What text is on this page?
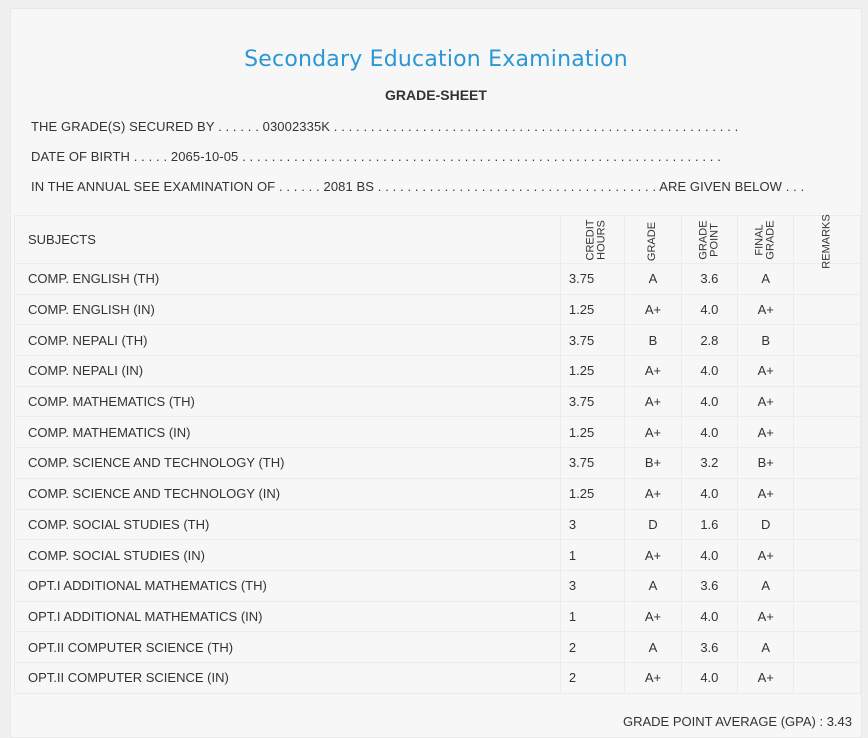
Secondary Education Examination
GRADE-SHEET
THE GRADE(S) SECURED BY . . . . . . 03002335K . . . . . . . . . . . . . . . . . . . . . . . . . . . . . . . . . . . . . . . . . . . . . . . . . . . . . . .
DATE OF BIRTH . . . . . 2065-10-05 . . . . . . . . . . . . . . . . . . . . . . . . . . . . . . . . . . . . . . . . . . . . . . . . . . . . . . . . . . . . . . . . .
IN THE ANNUAL SEE EXAMINATION OF . . . . . . 2081 BS . . . . . . . . . . . . . . . . . . . . . . . . . . . . . . . . . . . . . . ARE GIVEN BELOW . . .
SUBJECTS	CREDIT HOURS	GRADE	GRADE POINT	FINAL GRADE	REMARKS
COMP. ENGLISH (TH)	3.75	A	3.6	A	
COMP. ENGLISH (IN)	1.25	A+	4.0	A+	
COMP. NEPALI (TH)	3.75	B	2.8	B	
COMP. NEPALI (IN)	1.25	A+	4.0	A+	
COMP. MATHEMATICS (TH)	3.75	A+	4.0	A+	
COMP. MATHEMATICS (IN)	1.25	A+	4.0	A+	
COMP. SCIENCE AND TECHNOLOGY (TH)	3.75	B+	3.2	B+	
COMP. SCIENCE AND TECHNOLOGY (IN)	1.25	A+	4.0	A+	
COMP. SOCIAL STUDIES (TH)	3	D	1.6	D	
COMP. SOCIAL STUDIES (IN)	1	A+	4.0	A+	
OPT.I ADDITIONAL MATHEMATICS (TH)	3	A	3.6	A	
OPT.I ADDITIONAL MATHEMATICS (IN)	1	A+	4.0	A+	
OPT.II COMPUTER SCIENCE (TH)	2	A	3.6	A	
OPT.II COMPUTER SCIENCE (IN)	2	A+	4.0	A+	
GRADE POINT AVERAGE (GPA) : 3.43
